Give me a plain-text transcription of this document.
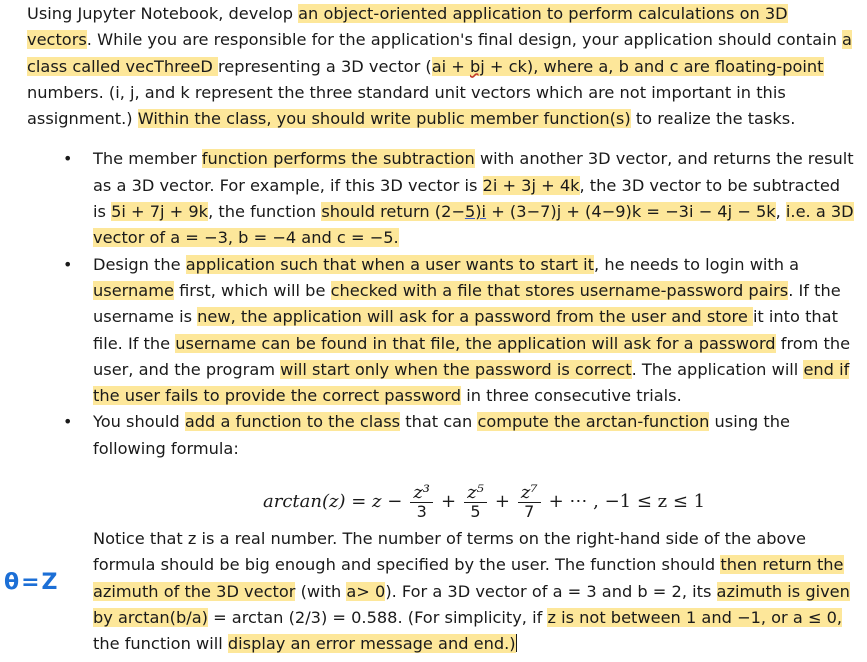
Using Jupyter Notebook, develop an object-oriented application to perform calculations on 3D vectors. While you are responsible for the application's final design, your application should contain a class called vecThreeD representing a 3D vector (ai + bj + ck), where a, b and c are floating-point numbers. (i, j, and k represent the three standard unit vectors which are not important in this assignment.) Within the class, you should write public member function(s) to realize the tasks.

• The member function performs the subtraction with another 3D vector, and returns the result as a 3D vector. For example, if this 3D vector is 2i + 3j + 4k, the 3D vector to be subtracted is 5i + 7j + 9k, the function should return (2−5)i + (3−7)j + (4−9)k = −3i − 4j − 5k, i.e. a 3D vector of a = −3, b = −4 and c = −5.
• Design the application such that when a user wants to start it, he needs to login with a username first, which will be checked with a file that stores username-password pairs. If the username is new, the application will ask for a password from the user and store it into that file. If the username can be found in that file, the application will ask for a password from the user, and the program will start only when the password is correct. The application will end if the user fails to provide the correct password in three consecutive trials.
• You should add a function to the class that can compute the arctan-function using the following formula:
$\arctan(z) = z - \frac{\text{z³}}{3} + \frac{\text{z⁵}}{5} + \frac{\text{z⁷}}{7}$ + ⋯ , −1 ≤ z ≤ 1
Notice that z is a real number. The number of terms on the right-hand side of the above formula should be big enough and specified by the user. The function should then return the azimuth of the 3D vector (with a> 0). For a 3D vector of a = 3 and b = 2, its azimuth is given by arctan(b/a) = arctan (2/3) = 0.588. (For simplicity, if z is not between 1 and −1, or a ≤ 0, the function will display an error message and end.)
θ=Z
